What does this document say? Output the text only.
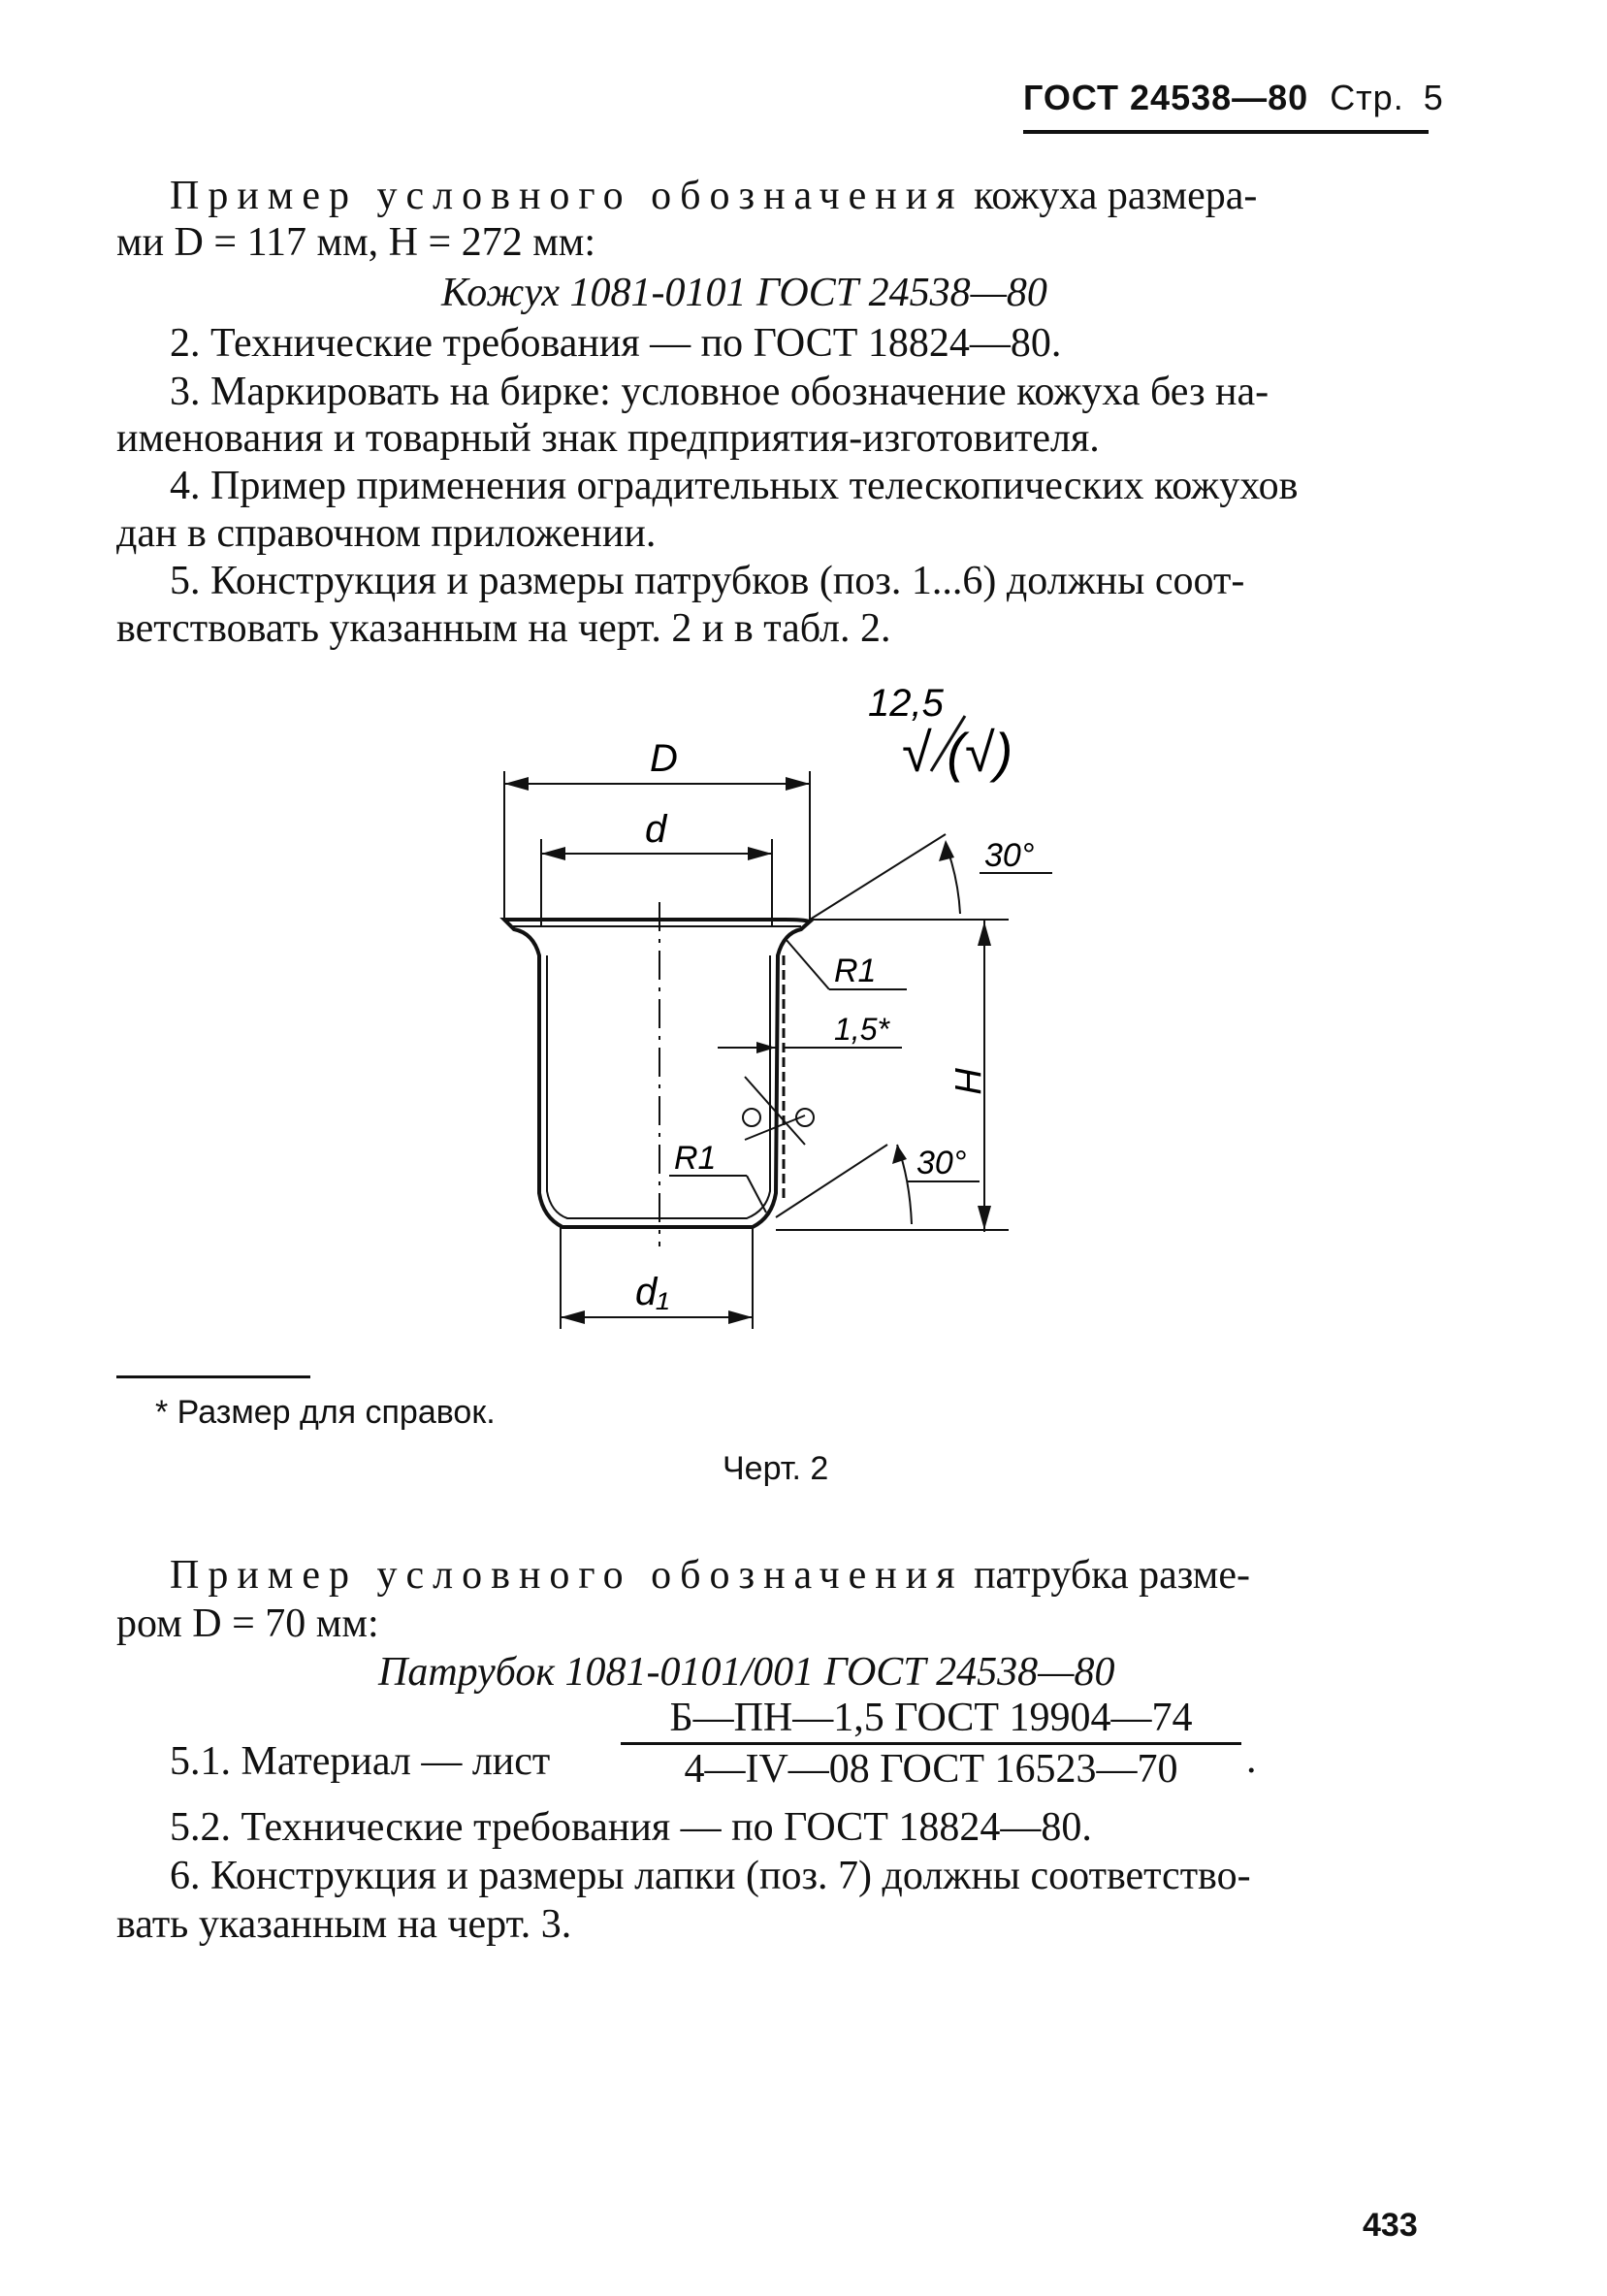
ГОСТ 24538—80 Стр. 5
Пример условного обозначения кожуха размера-
ми D = 117 мм, H = 272 мм:
Кожух 1081-0101 ГОСТ 24538—80
2. Технические требования — по ГОСТ 18824—80.
3. Маркировать на бирке: условное обозначение кожуха без на-
именования и товарный знак предприятия-изготовителя.
4. Пример применения оградительных телескопических кожухов
дан в справочном приложении.
5. Конструкция и размеры патрубков (поз. 1...6) должны соот-
ветствовать указанным на черт. 2 и в табл. 2.
12,5
√ (√)
D
d
30°
R1
1,5*
R1
H
30°
d₁
* Размер для справок.
Черт. 2
Пример условного обозначения патрубка разме-
ром D = 70 мм:
Патрубок 1081-0101/001 ГОСТ 24538—80
5.1. Материал — лист
Б—ПН—1,5 ГОСТ 19904—74
4—IV—08 ГОСТ 16523—70	.
5.2. Технические требования — по ГОСТ 18824—80.
6. Конструкция и размеры лапки (поз. 7) должны соответство-
вать указанным на черт. 3.
433
